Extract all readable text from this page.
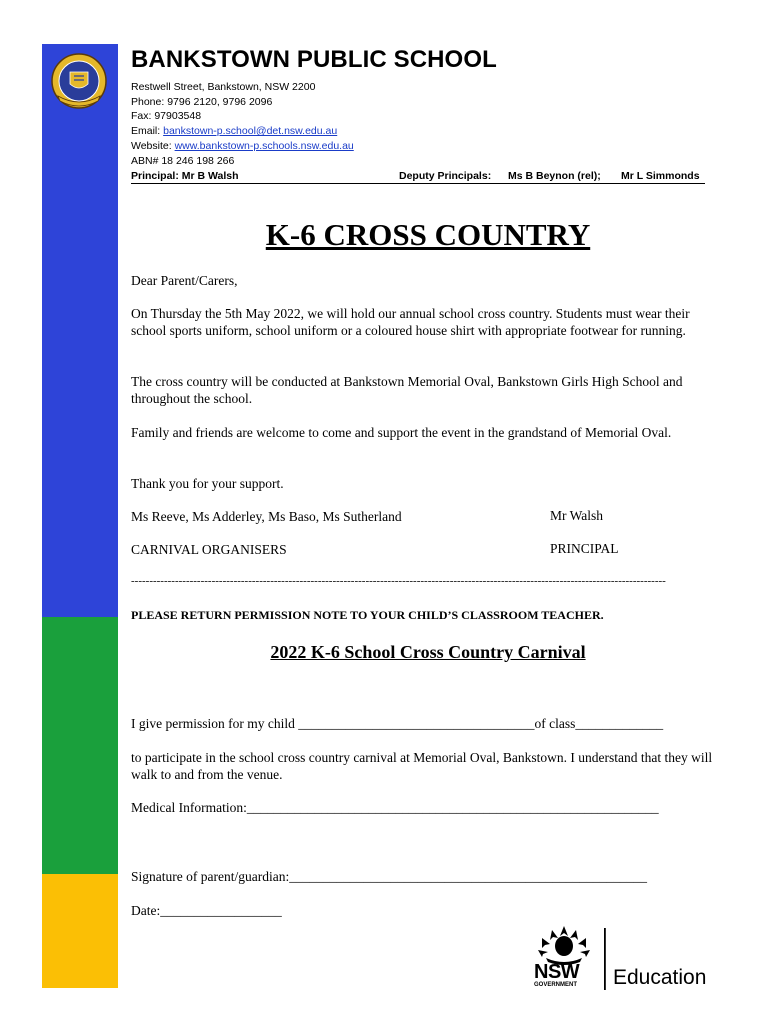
BANKSTOWN PUBLIC SCHOOL
Restwell Street, Bankstown, NSW 2200
Phone: 9796 2120, 9796 2096
Fax: 97903548
Email: bankstown-p.school@det.nsw.edu.au
Website: www.bankstown-p.schools.nsw.edu.au
ABN# 18 246 198 266
Principal: Mr B Walsh	Deputy Principals: Ms B Beynon (rel); Mr L Simmonds
K-6 CROSS COUNTRY
Dear Parent/Carers,
On Thursday the 5th May 2022, we will hold our annual school cross country. Students must wear their school sports uniform, school uniform or a coloured house shirt with appropriate footwear for running.
The cross country will be conducted at Bankstown Memorial Oval, Bankstown Girls High School and throughout the school.
Family and friends are welcome to come and support the event in the grandstand of Memorial Oval.
Thank you for your support.
Ms Reeve, Ms Adderley, Ms Baso, Ms Sutherland	Mr Walsh
CARNIVAL ORGANISERS	PRINCIPAL
--------------------------------------------------------------------------------------------------------------------------------------------------
PLEASE RETURN PERMISSION NOTE TO YOUR CHILD’S CLASSROOM TEACHER.
2022 K-6 School Cross Country Carnival
I give permission for my child ___________________________________of class_____________
to participate in the school cross country carnival at Memorial Oval, Bankstown. I understand that they will walk to and from the venue.
Medical Information:_____________________________________________________________
Signature of parent/guardian:_____________________________________________________
Date:__________________
NSW
GOVERNMENT Education
